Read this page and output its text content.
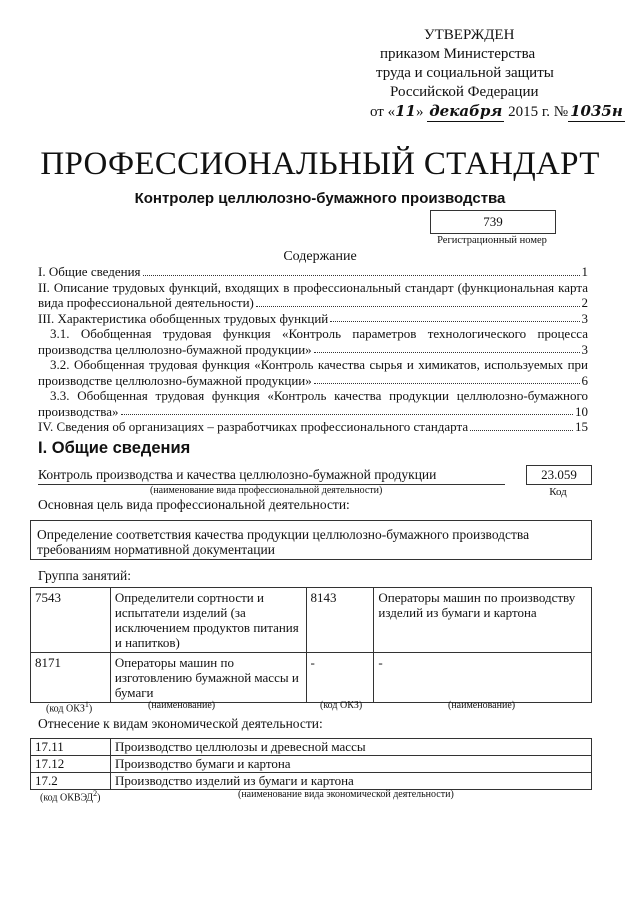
УТВЕРЖДЕН
приказом Министерства
труда и социальной защиты
Российской Федерации
от «11» декабря 2015 г. № 1035н
ПРОФЕССИОНАЛЬНЫЙ СТАНДАРТ
Контролер целлюлозно-бумажного производства
739
Регистрационный номер
Содержание
I. Общие сведения	1
II. Описание трудовых функций, входящих в профессиональный стандарт (функциональная карта
вида профессиональной деятельности)	2
III. Характеристика обобщенных трудовых функций	3
3.1. Обобщенная трудовая функция «Контроль параметров технологического процесса
производства целлюлозно-бумажной продукции»	3
3.2. Обобщенная трудовая функция «Контроль качества сырья и химикатов, используемых при
производстве целлюлозно-бумажной продукции»	6
3.3. Обобщенная трудовая функция «Контроль качества продукции целлюлозно-бумажного
производства»	10
IV. Сведения об организациях – разработчиках профессионального стандарта	15
I. Общие сведения
Контроль производства и качества целлюлозно-бумажной продукции
(наименование вида профессиональной деятельности)
23.059
Код
Основная цель вида профессиональной деятельности:
Определение соответствия качества продукции целлюлозно-бумажного производства требованиям нормативной документации
Группа занятий:
7543	Определители сортности и испытатели изделий (за исключением продуктов питания и напитков)	8143	Операторы машин по производству изделий из бумаги и картона
8171	Операторы машин по изготовлению бумажной массы и бумаги	-	-
(код ОКЗ$^1$)	(наименование)	(код ОКЗ)	(наименование)
Отнесение к видам экономической деятельности:
17.11	Производство целлюлозы и древесной массы
17.12	Производство бумаги и картона
17.2	Производство изделий из бумаги и картона
(код ОКВЭД$^2$)	(наименование вида экономической деятельности)
